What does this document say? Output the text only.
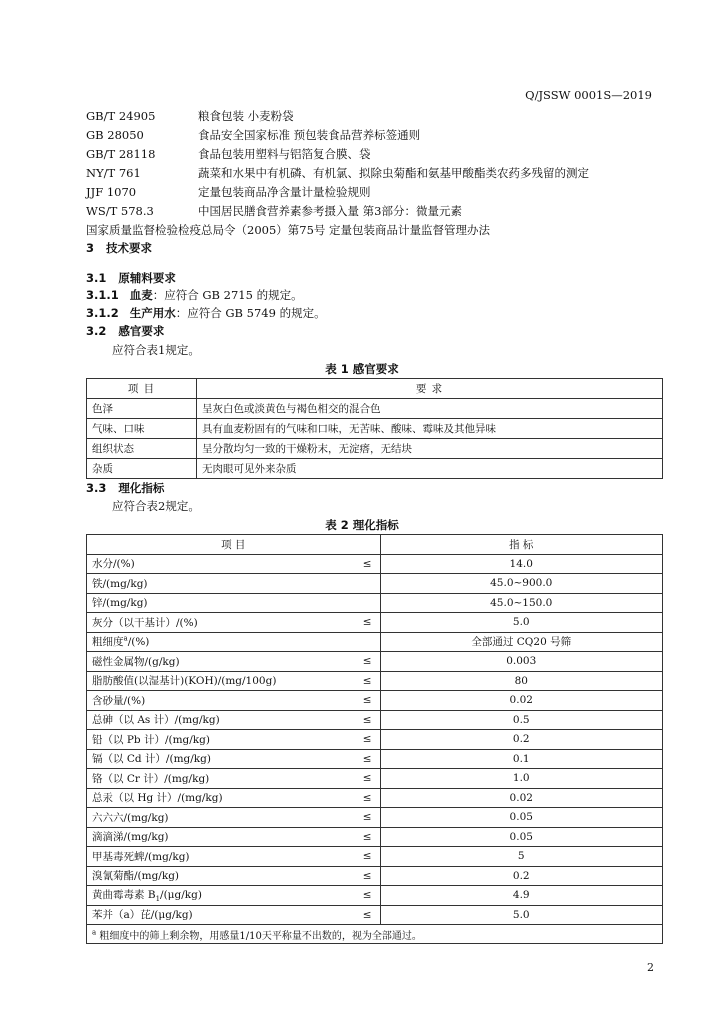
Q/JSSW 0001S—2019
GB/T 24905	粮食包装 小麦粉袋
GB 28050	食品安全国家标准 预包装食品营养标签通则
GB/T 28118	食品包装用塑料与铝箔复合膜、袋
NY/T 761	蔬菜和水果中有机磷、有机氯、拟除虫菊酯和氨基甲酸酯类农药多残留的测定
JJF 1070	定量包装商品净含量计量检验规则
WS/T 578.3	中国居民膳食营养素参考摄入量 第3部分：微量元素
国家质量监督检验检疫总局令（2005）第75号 定量包装商品计量监督管理办法
3 技术要求
3.1 原辅料要求
3.1.1 血麦：应符合 GB 2715 的规定。
3.1.2 生产用水：应符合 GB 5749 的规定。
3.2 感官要求
应符合表1规定。
表 1 感官要求
项 目	要 求
色泽	呈灰白色或淡黄色与褐色相交的混合色
气味、口味	具有血麦粉固有的气味和口味，无苦味、酸味、霉味及其他异味
组织状态	呈分散均匀一致的干燥粉末，无淀瘩，无结块
杂质	无肉眼可见外来杂质
3.3 理化指标
应符合表2规定。
表 2 理化指标
项 目		指 标
水分/(%)	≤	14.0
铁/(mg/kg)		45.0~900.0
锌/(mg/kg)		45.0~150.0
灰分（以干基计）/(%)	≤	5.0
粗细度$^a$/(%)		全部通过 CQ20 号筛
磁性金属物/(g/kg)	≤	0.003
脂肪酸值(以湿基计)(KOH)/(mg/100g)	≤	80
含砂量/(%)	≤	0.02
总砷（以 As 计）/(mg/kg)	≤	0.5
铅（以 Pb 计）/(mg/kg)	≤	0.2
镉（以 Cd 计）/(mg/kg)	≤	0.1
铬（以 Cr 计）/(mg/kg)	≤	1.0
总汞（以 Hg 计）/(mg/kg)	≤	0.02
六六六/(mg/kg)	≤	0.05
滴滴涕/(mg/kg)	≤	0.05
甲基毒死蜱/(mg/kg)	≤	5
溴氰菊酯/(mg/kg)	≤	0.2
黄曲霉毒素 $B_1/(\mu g/kg)$	≤	4.9
苯并（a）芘/(μg/kg)	≤	5.0
$^a$ 粗细度中的筛上剩余物，用感量1/10天平称量不出数的，视为全部通过。		
2
